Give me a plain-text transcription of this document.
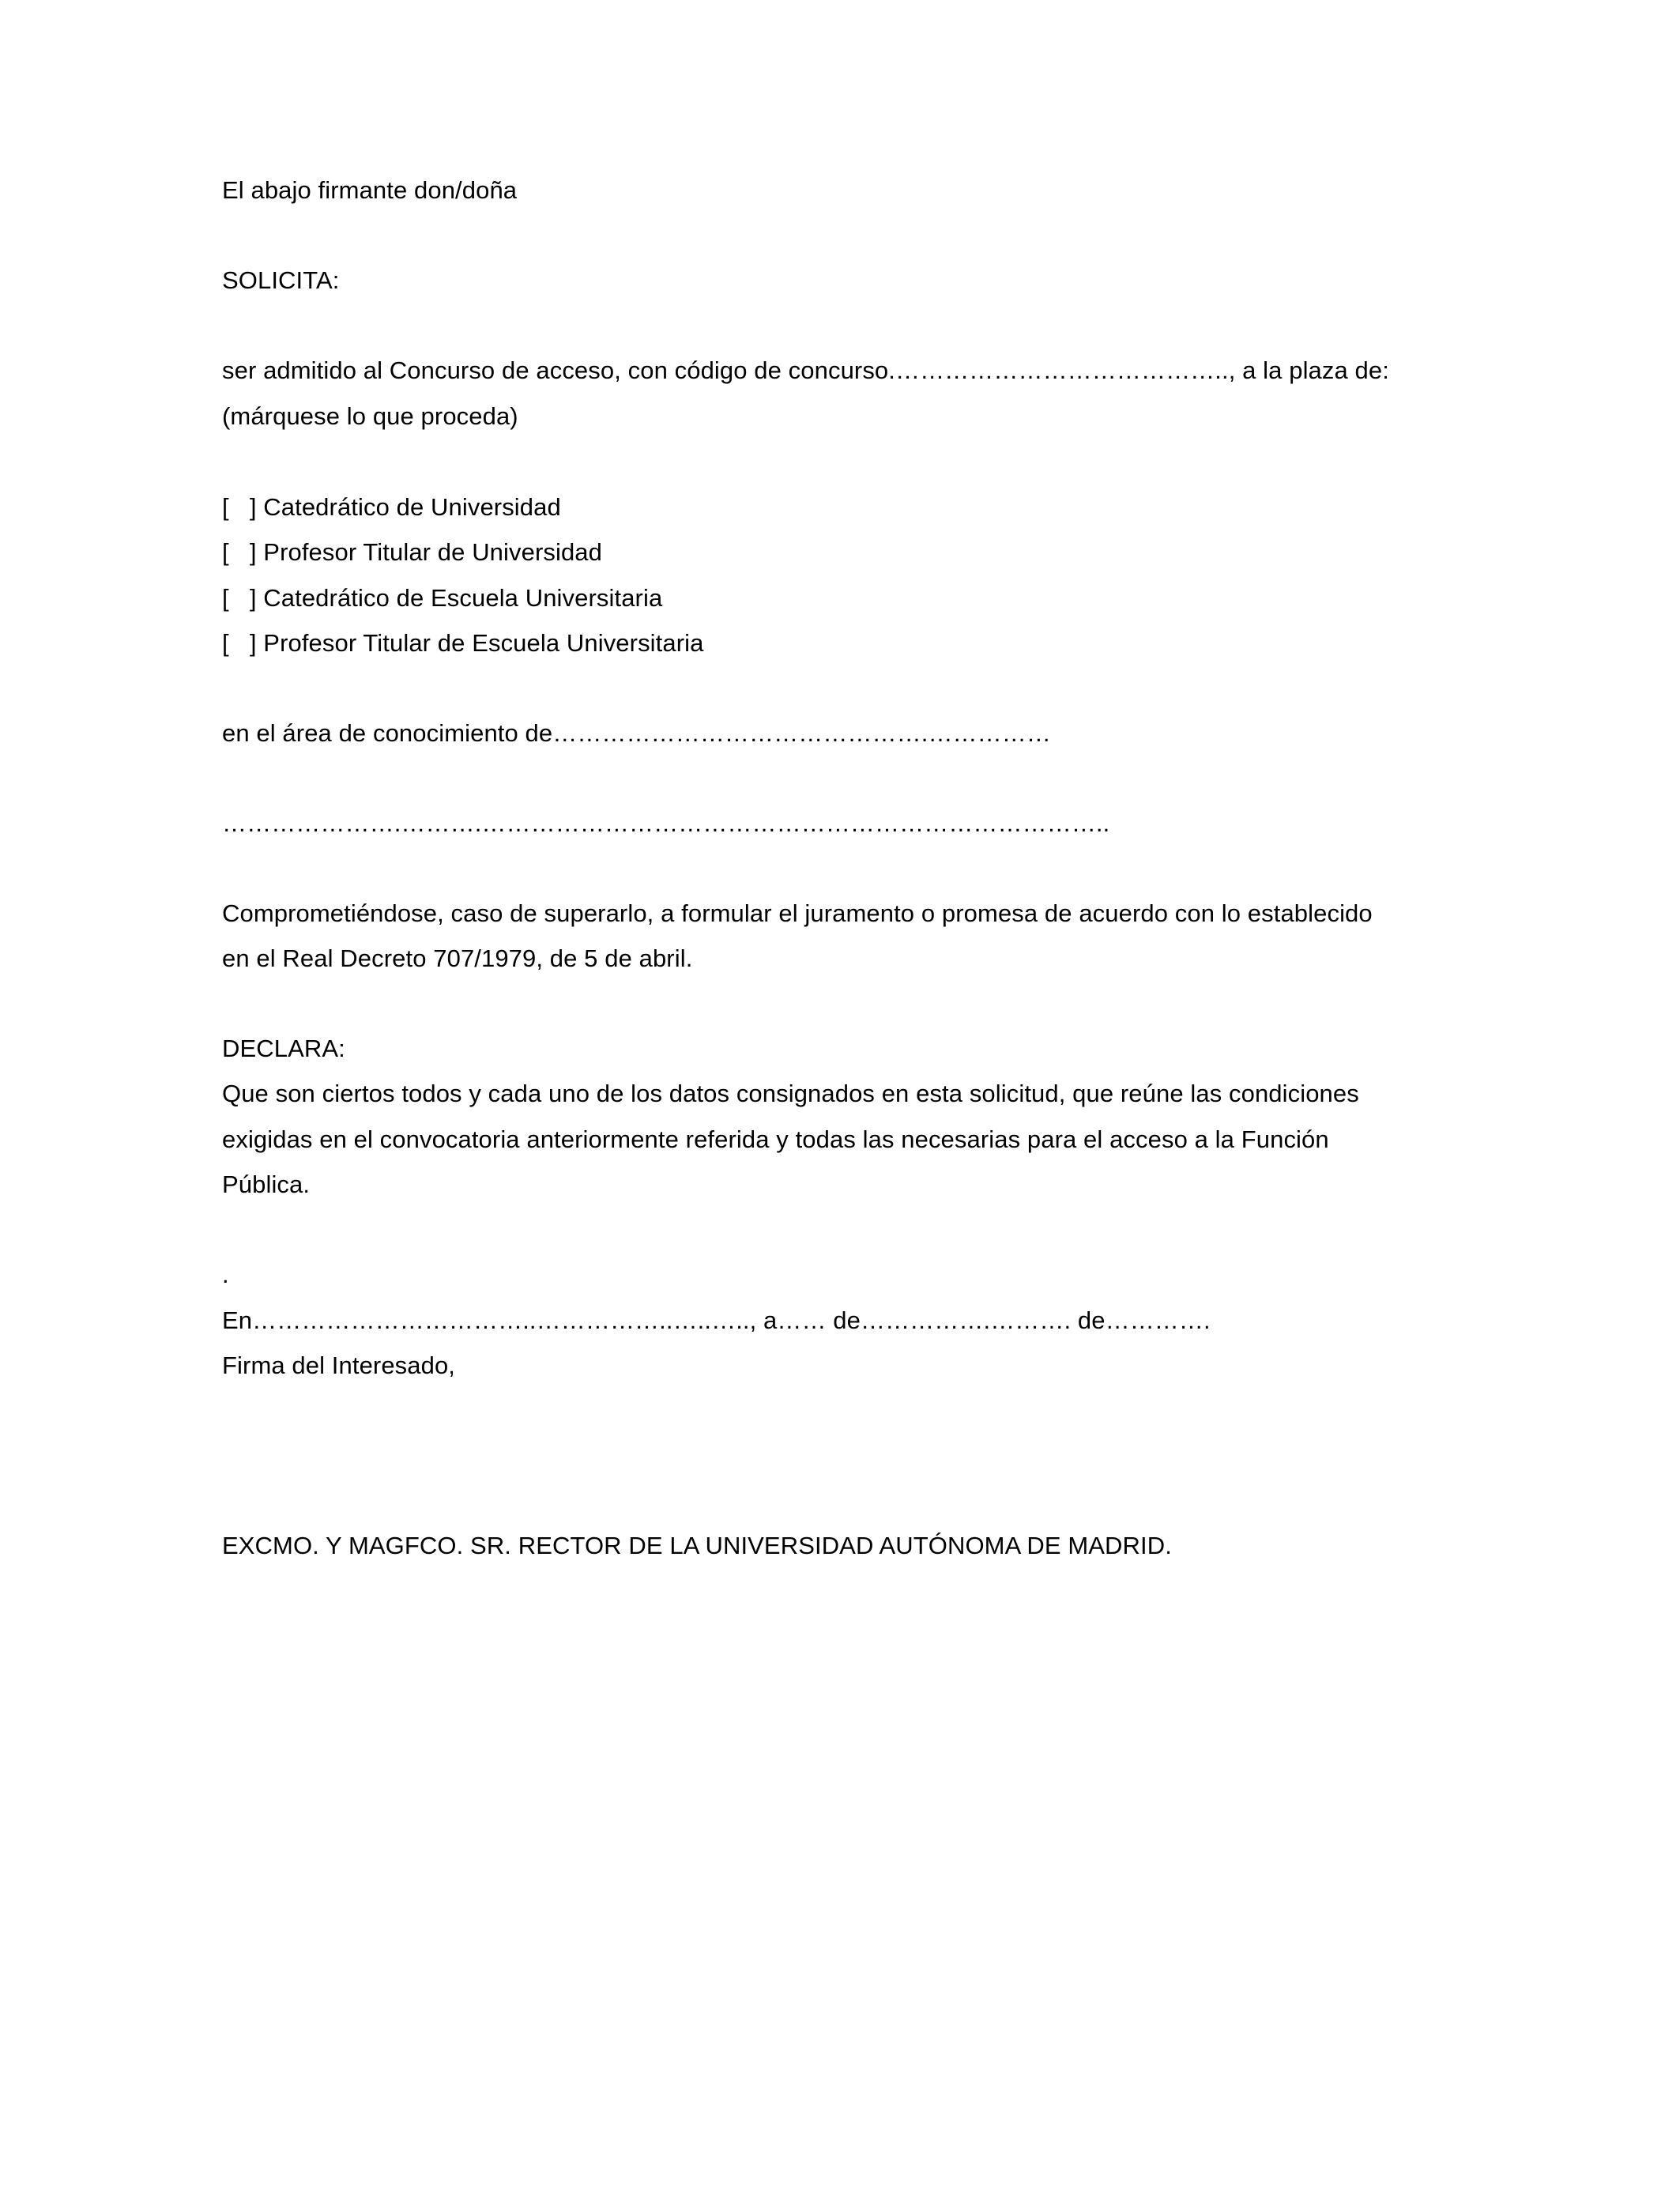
El abajo firmante don/doña
SOLICITA:
ser admitido al Concurso de acceso, con código de concurso.………………………………….., a la plaza de:
(márquese lo que proceda)
[   ] Catedrático de Universidad
[   ] Profesor Titular de Universidad
[   ] Catedrático de Escuela Universitaria
[   ] Profesor Titular de Escuela Universitaria
en el área de conocimiento de……………………………………….……………
………………….……….…………………………………………………………………..
Comprometiéndose, caso de superarlo, a formular el juramento o promesa de acuerdo con lo establecido
en el Real Decreto 707/1979, de 5 de abril.
DECLARA:
Que son ciertos todos y cada uno de los datos consignados en esta solicitud, que reúne las condiciones
exigidas en el convocatoria anteriormente referida y todas las necesarias para el acceso a la Función
Pública.
.
En……………………………..……………..…..….., a…… de…………….………. de………….
Firma del Interesado,
EXCMO. Y MAGFCO. SR. RECTOR DE LA UNIVERSIDAD AUTÓNOMA DE MADRID.
